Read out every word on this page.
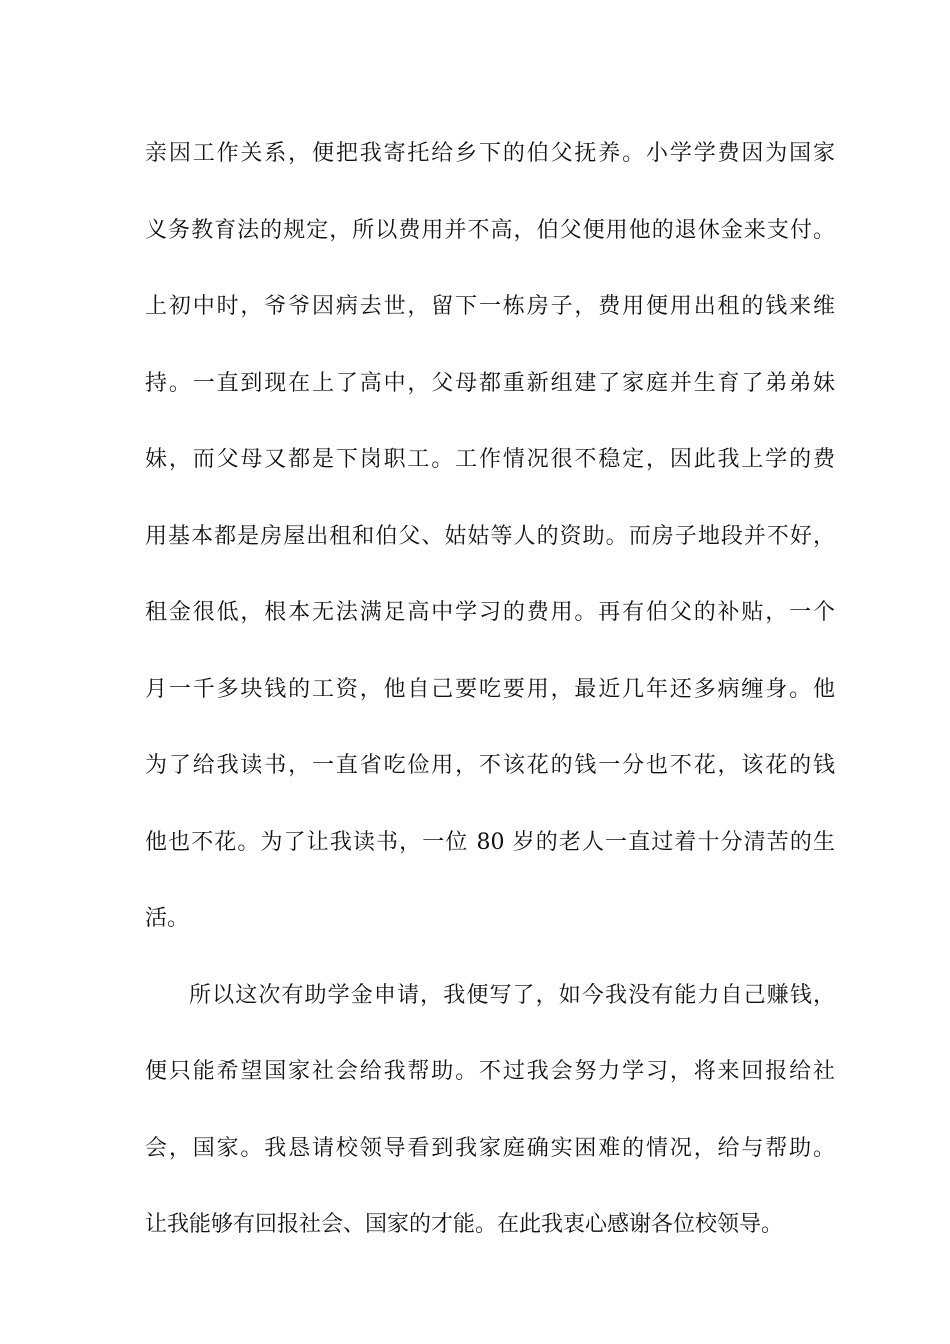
亲因工作关系，便把我寄托给乡下的伯父抚养。小学学费因为国家
义务教育法的规定，所以费用并不高，伯父便用他的退休金来支付。
上初中时，爷爷因病去世，留下一栋房子，费用便用出租的钱来维
持。一直到现在上了高中，父母都重新组建了家庭并生育了弟弟妹
妹，而父母又都是下岗职工。工作情况很不稳定，因此我上学的费
用基本都是房屋出租和伯父、姑姑等人的资助。而房子地段并不好，
租金很低，根本无法满足高中学习的费用。再有伯父的补贴，一个
月一千多块钱的工资，他自己要吃要用，最近几年还多病缠身。他
为了给我读书，一直省吃俭用，不该花的钱一分也不花，该花的钱
他也不花。为了让我读书，一位 80 岁的老人一直过着十分清苦的生
活。
所以这次有助学金申请，我便写了，如今我没有能力自己赚钱，
便只能希望国家社会给我帮助。不过我会努力学习，将来回报给社
会，国家。我恳请校领导看到我家庭确实困难的情况，给与帮助。
让我能够有回报社会、国家的才能。在此我衷心感谢各位校领导。
